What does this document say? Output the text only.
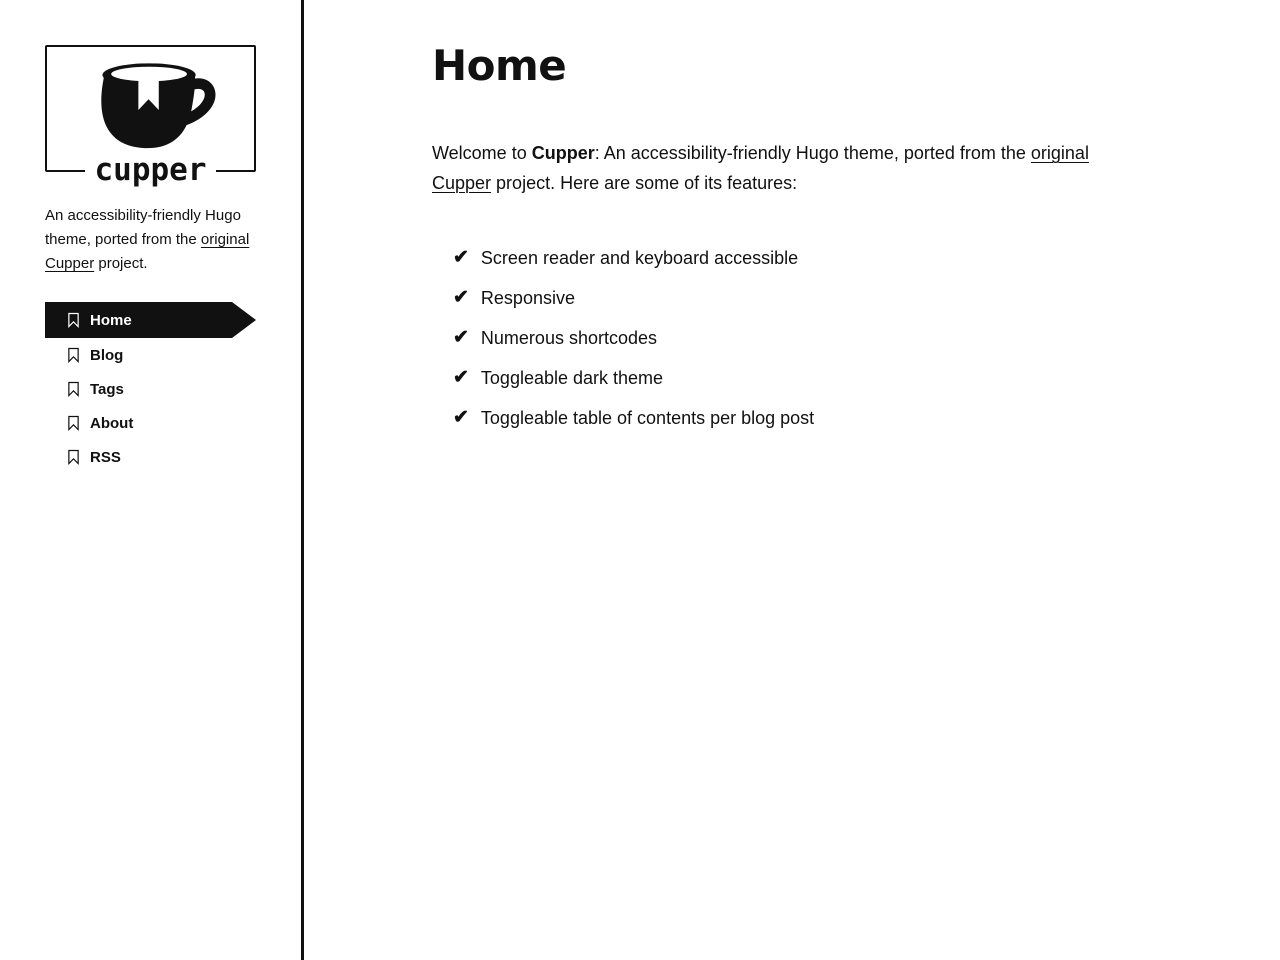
cupper

An accessibility-friendly Hugo theme, ported from the original Cupper project.

Home
Blog
Tags
About
RSS
Home

Welcome to Cupper: An accessibility-friendly Hugo theme, ported from the original Cupper project. Here are some of its features:

✔ Screen reader and keyboard accessible
✔ Responsive
✔ Numerous shortcodes
✔ Toggleable dark theme
✔ Toggleable table of contents per blog post
